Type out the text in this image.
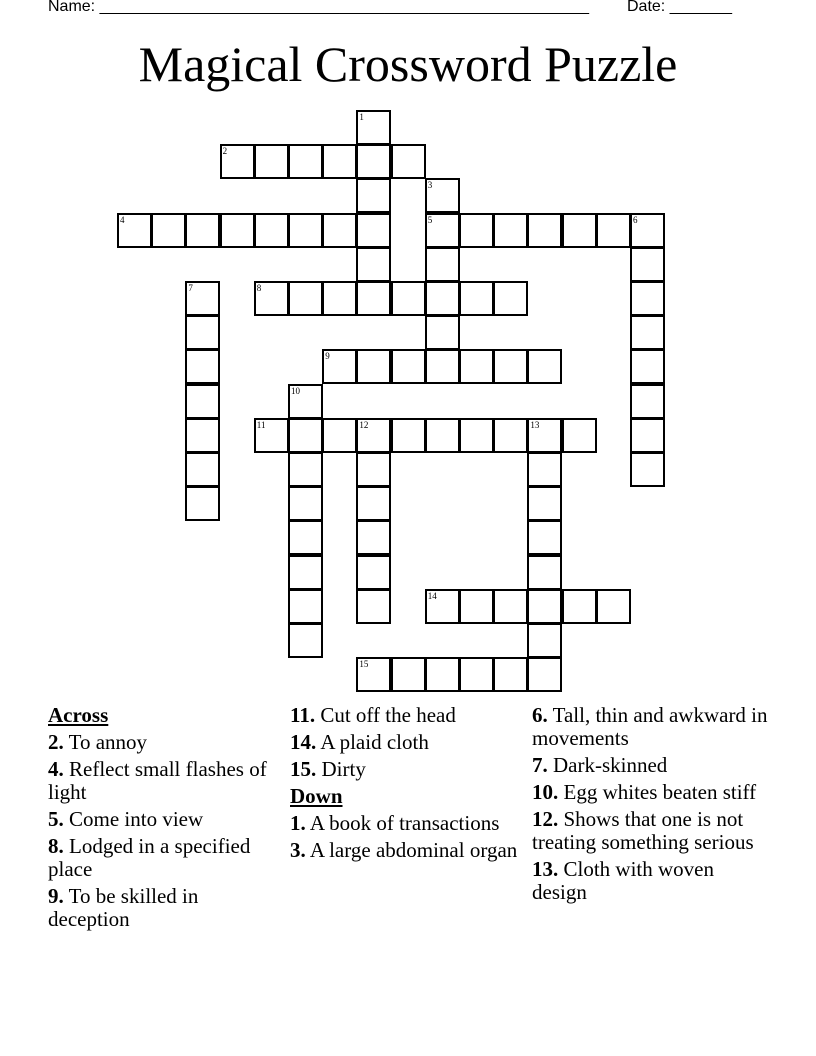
Name: _______________________________________________________ Date: _______
Magical Crossword Puzzle
1
2
3
5
4	6
7	8
9
10
11	12	13
14
15
Across
2. To annoy
4. Reflect small flashes of light
5. Come into view
8. Lodged in a specified place
9. To be skilled in deception
11. Cut off the head
14. A plaid cloth
15. Dirty
Down
1. A book of transactions
3. A large abdominal organ
6. Tall, thin and awkward in movements
7. Dark-skinned
10. Egg whites beaten stiff
12. Shows that one is not treating something serious
13. Cloth with woven design
